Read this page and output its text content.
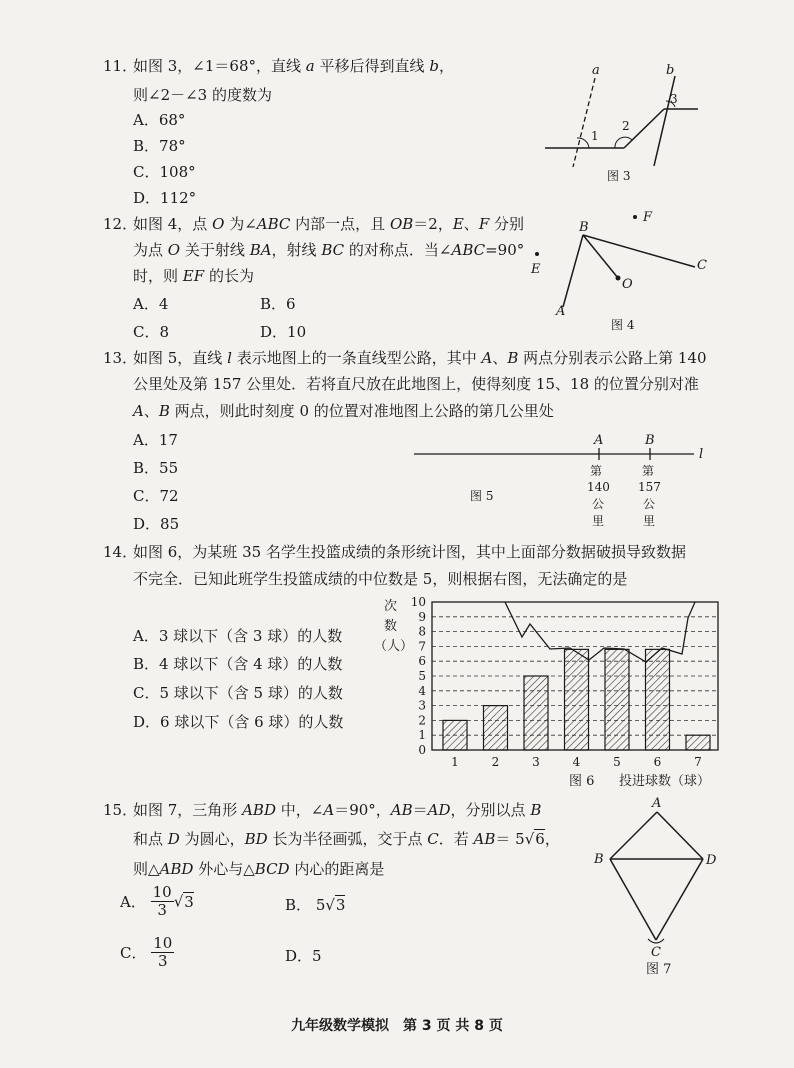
11．
如图 3，∠1＝68°，直线 a 平移后得到直线 b，
则∠2－∠3 的度数为
A．68°
B．78°
C．108°
D．112°
a	b
1
2
3
图 3
12．
如图 4，点 O 为∠ABC 内部一点，且 OB＝2，E、F 分别
为点 O 关于射线 BA，射线 BC 的对称点．当∠ABC=90°
时，则 EF 的长为
A．4	B．6
C．8	D．10
B
F
C
E
O
A
图 4
13．
如图 5，直线 l 表示地图上的一条直线型公路，其中 A、B 两点分别表示公路上第 140
公里处及第 157 公里处．若将直尺放在此地图上，使得刻度 15、18 的位置分别对准
A、B 两点，则此时刻度 0 的位置对准地图上公路的第几公里处
A．17
B．55
C．72
D．85
A	B
l
第
140
公
里
第
157
公
里
图 5
14．
如图 6，为某班 35 名学生投篮成绩的条形统计图，其中上面部分数据破损导致数据
不完全．已知此班学生投篮成绩的中位数是 5，则根据右图，无法确定的是
A．3 球以下（含 3 球）的人数
B．4 球以下（含 4 球）的人数
C．5 球以下（含 5 球）的人数
D．6 球以下（含 6 球）的人数
0
1
2
3
4
5
6
7
8
9
10
1	2	3	4	5	6	7
次
数
（人）
图 6 投进球数（球）
15．
如图 7，三角形 ABD 中，∠A＝90°，AB＝AD，分别以点 B
和点 D 为圆心，BD 长为半径画弧，交于点 C．若 AB＝ 5√6，
则△ABD 外心与△BCD 内心的距离是
A． $\frac{10}{3} √3$	B． 5√3
C． $\frac{10}{3}$	D．5
A
B	D
C
图 7
九年级数学模拟　第 3 页 共 8 页
